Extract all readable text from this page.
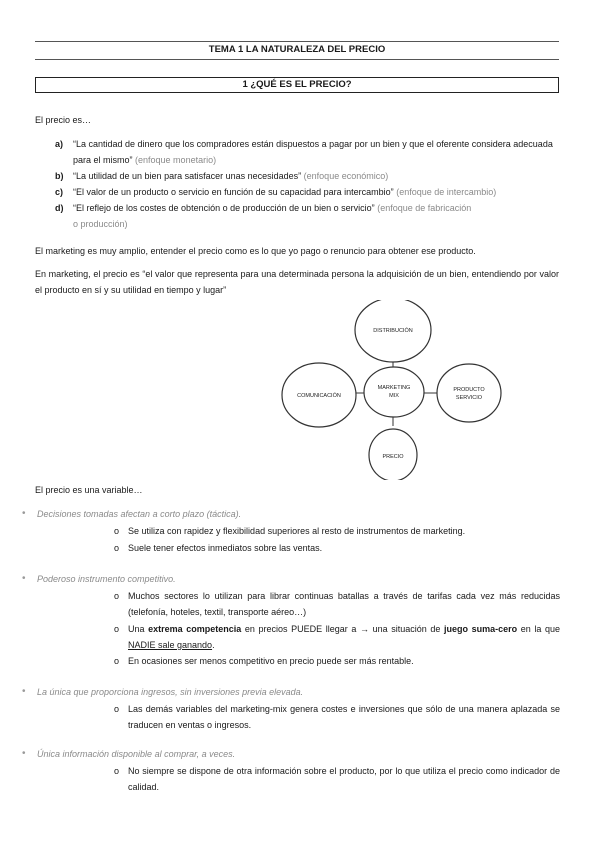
TEMA 1 LA NATURALEZA DEL PRECIO
1 ¿QUÉ ES EL PRECIO?
El precio es…
a) “La cantidad de dinero que los compradores están dispuestos a pagar por un bien y que el oferente considera adecuada para el mismo” (enfoque monetario)
b) “La utilidad de un bien para satisfacer unas necesidades” (enfoque económico)
c) “El valor de un producto o servicio en función de su capacidad para intercambio” (enfoque de intercambio)
d) “El reflejo de los costes de obtención o de producción de un bien o servicio” (enfoque de fabricación o producción)
El marketing es muy amplio, entender el precio como es lo que yo pago o renuncio para obtener ese producto.
En marketing, el precio es “el valor que representa para una determinada persona la adquisición de un bien, entendiendo por valor el producto en sí y su utilidad en tiempo y lugar”
MARKETING
MIX
DISTRIBUCIÓN
COMUNICACIÓN
PRODUCTO
SERVICIO
PRECIO
El precio es una variable…
• Decisiones tomadas afectan a corto plazo (táctica).
o Se utiliza con rapidez y flexibilidad superiores al resto de instrumentos de marketing.
o Suele tener efectos inmediatos sobre las ventas.
• Poderoso instrumento competitivo.
o Muchos sectores lo utilizan para librar continuas batallas a través de tarifas cada vez más reducidas (telefonía, hoteles, textil, transporte aéreo…)
o Una extrema competencia en precios PUEDE llegar a → una situación de juego suma-cero en la que NADIE sale ganando.
o En ocasiones ser menos competitivo en precio puede ser más rentable.
• La única que proporciona ingresos, sin inversiones previa elevada.
o Las demás variables del marketing-mix genera costes e inversiones que sólo de una manera aplazada se traducen en ventas o ingresos.
• Única información disponible al comprar, a veces.
o No siempre se dispone de otra información sobre el producto, por lo que utiliza el precio como indicador de calidad.
